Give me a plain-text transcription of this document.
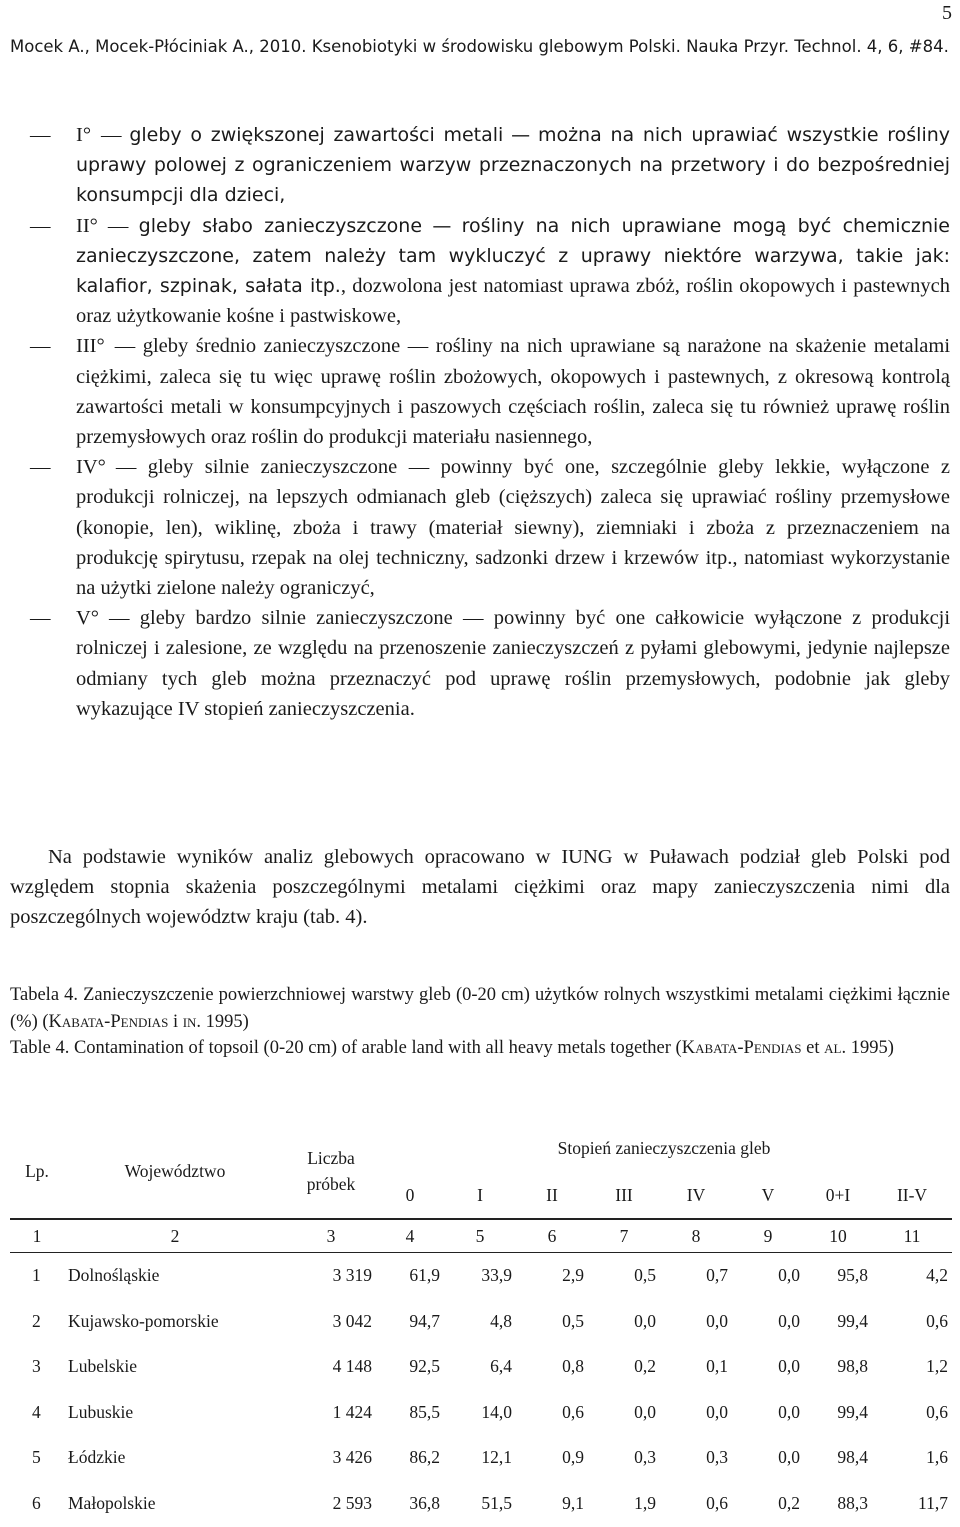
5
Mocek A., Mocek-Płóciniak A., 2010. Ksenobiotyki w środowisku glebowym Polski. Nauka Przyr. Technol. 4, 6, #84.
— I° — gleby o zwiększonej zawartości metali — można na nich uprawiać wszystkie rośliny uprawy polowej z ograniczeniem warzyw przeznaczonych na przetwory i do bezpośredniej konsumpcji dla dzieci,
— II° — gleby słabo zanieczyszczone — rośliny na nich uprawiane mogą być chemicznie zanieczyszczone, zatem należy tam wykluczyć z uprawy niektóre warzywa, takie jak: kalafior, szpinak, sałata itp., dozwolona jest natomiast uprawa zbóż, roślin okopowych i pastewnych oraz użytkowanie kośne i pastwiskowe,
— III° — gleby średnio zanieczyszczone — rośliny na nich uprawiane są narażone na skażenie metalami ciężkimi, zaleca się tu więc uprawę roślin zbożowych, okopowych i pastewnych, z okresową kontrolą zawartości metali w konsumpcyjnych i paszowych częściach roślin, zaleca się tu również uprawę roślin przemysłowych oraz roślin do produkcji materiału nasiennego,
— IV° — gleby silnie zanieczyszczone — powinny być one, szczególnie gleby lekkie, wyłączone z produkcji rolniczej, na lepszych odmianach gleb (cięższych) zaleca się uprawiać rośliny przemysłowe (konopie, len), wiklinę, zboża i trawy (materiał siewny), ziemniaki i zboża z przeznaczeniem na produkcję spirytusu, rzepak na olej techniczny, sadzonki drzew i krzewów itp., natomiast wykorzystanie na użytki zielone należy ograniczyć,
— V° — gleby bardzo silnie zanieczyszczone — powinny być one całkowicie wyłączone z produkcji rolniczej i zalesione, ze względu na przenoszenie zanieczyszczeń z pyłami glebowymi, jedynie najlepsze odmiany tych gleb można przeznaczyć pod uprawę roślin przemysłowych, podobnie jak gleby wykazujące IV stopień zanieczyszczenia.
Na podstawie wyników analiz glebowych opracowano w IUNG w Puławach podział gleb Polski pod względem stopnia skażenia poszczególnymi metalami ciężkimi oraz mapy zanieczyszczenia nimi dla poszczególnych województw kraju (tab. 4).
Tabela 4. Zanieczyszczenie powierzchniowej warstwy gleb (0-20 cm) użytków rolnych wszystkimi metalami ciężkimi łącznie (%) (Kabata-Pendias i in. 1995)
Table 4. Contamination of topsoil (0-20 cm) of arable land with all heavy metals together (Kabata-Pendias et al. 1995)
Lp.	Województwo	Liczba próbek	Stopień zanieczyszczenia gleb							
			0	I	II	III	IV	V	0+I	II-V
1	2	3	4	5	6	7	8	9	10	11
1	Dolnośląskie	3 319	61,9	33,9	2,9	0,5	0,7	0,0	95,8	4,2
2	Kujawsko-pomorskie	3 042	94,7	4,8	0,5	0,0	0,0	0,0	99,4	0,6
3	Lubelskie	4 148	92,5	6,4	0,8	0,2	0,1	0,0	98,8	1,2
4	Lubuskie	1 424	85,5	14,0	0,6	0,0	0,0	0,0	99,4	0,6
5	Łódzkie	3 426	86,2	12,1	0,9	0,3	0,3	0,0	98,4	1,6
6	Małopolskie	2 593	36,8	51,5	9,1	1,9	0,6	0,2	88,3	11,7
